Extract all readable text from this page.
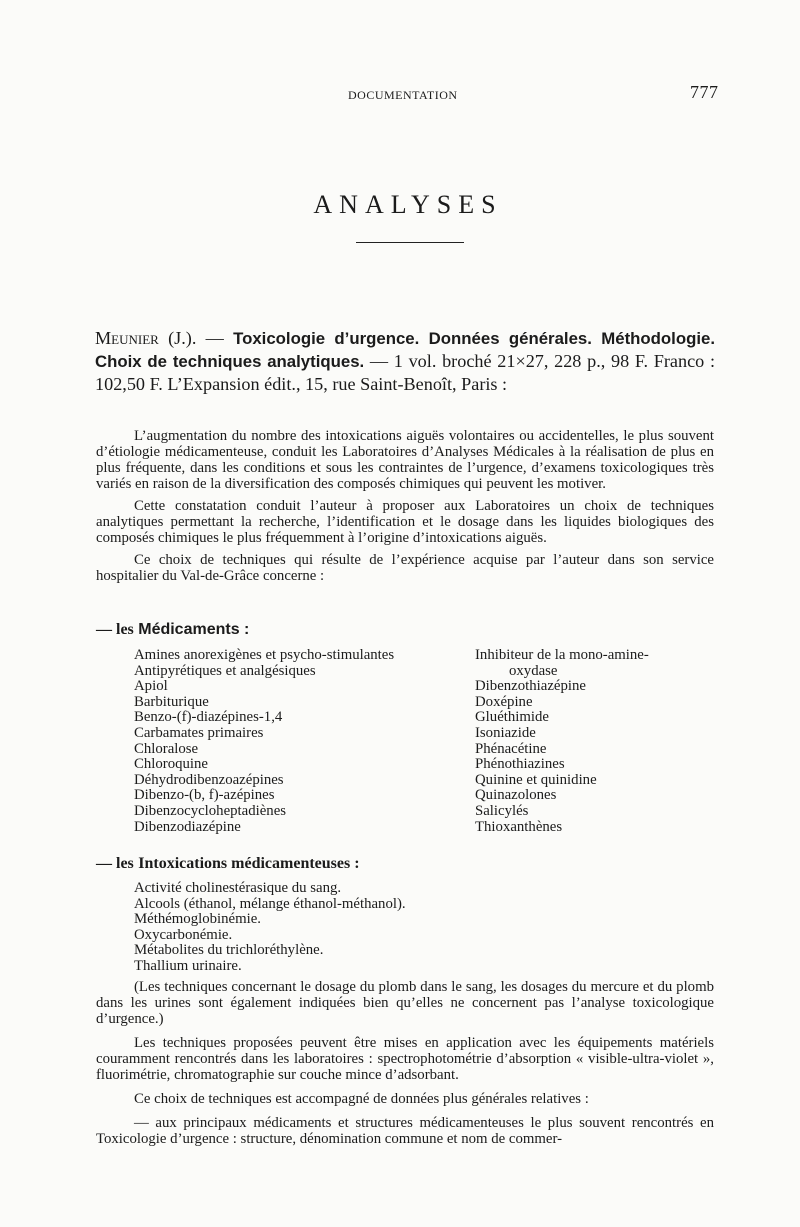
DOCUMENTATION	777
ANALYSES
Meunier (J.). — Toxicologie d’urgence. Données générales. Méthodologie. Choix de techniques analytiques. — 1 vol. broché 21×27, 228 p., 98 F. Franco : 102,50 F. L’Expansion édit., 15, rue Saint-Benoît, Paris :

L’augmentation du nombre des intoxications aiguës volontaires ou accidentelles, le plus souvent d’étiologie médicamenteuse, conduit les Laboratoires d’Analyses Médicales à la réalisation de plus en plus fréquente, dans les conditions et sous les contraintes de l’urgence, d’examens toxicologiques très variés en raison de la diversification des composés chimiques qui peuvent les motiver.

Cette constatation conduit l’auteur à proposer aux Laboratoires un choix de techniques analytiques permettant la recherche, l’identification et le dosage dans les liquides biologiques des composés chimiques le plus fréquemment à l’origine d’intoxications aiguës.

Ce choix de techniques qui résulte de l’expérience acquise par l’auteur dans son service hospitalier du Val-de-Grâce concerne :

— les Médicaments :
Amines anorexigènes et psycho-stimulantes
Antipyrétiques et analgésiques
Apiol
Barbiturique
Benzo-(f)-diazépines-1,4
Carbamates primaires
Chloralose
Chloroquine
Déhydrodibenzoazépines
Dibenzo-(b, f)-azépines
Dibenzocycloheptadiènes
Dibenzodiazépine
Inhibiteur de la mono-amine-
oxydase
Dibenzothiazépine
Doxépine
Gluéthimide
Isoniazide
Phénacétine
Phénothiazines
Quinine et quinidine
Quinazolones
Salicylés
Thioxanthènes
— les Intoxications médicamenteuses :
Activité cholinestérasique du sang.
Alcools (éthanol, mélange éthanol-méthanol).
Méthémoglobinémie.
Oxycarbonémie.
Métabolites du trichloréthylène.
Thallium urinaire.

(Les techniques concernant le dosage du plomb dans le sang, les dosages du mercure et du plomb dans les urines sont également indiquées bien qu’elles ne concernent pas l’analyse toxicologique d’urgence.)

Les techniques proposées peuvent être mises en application avec les équipements matériels couramment rencontrés dans les laboratoires : spectrophotométrie d’absorption « visible-ultra-violet », fluorimétrie, chromatographie sur couche mince d’adsorbant.

Ce choix de techniques est accompagné de données plus générales relatives :

— aux principaux médicaments et structures médicamenteuses le plus souvent rencontrés en Toxicologie d’urgence : structure, dénomination commune et nom de commer-
